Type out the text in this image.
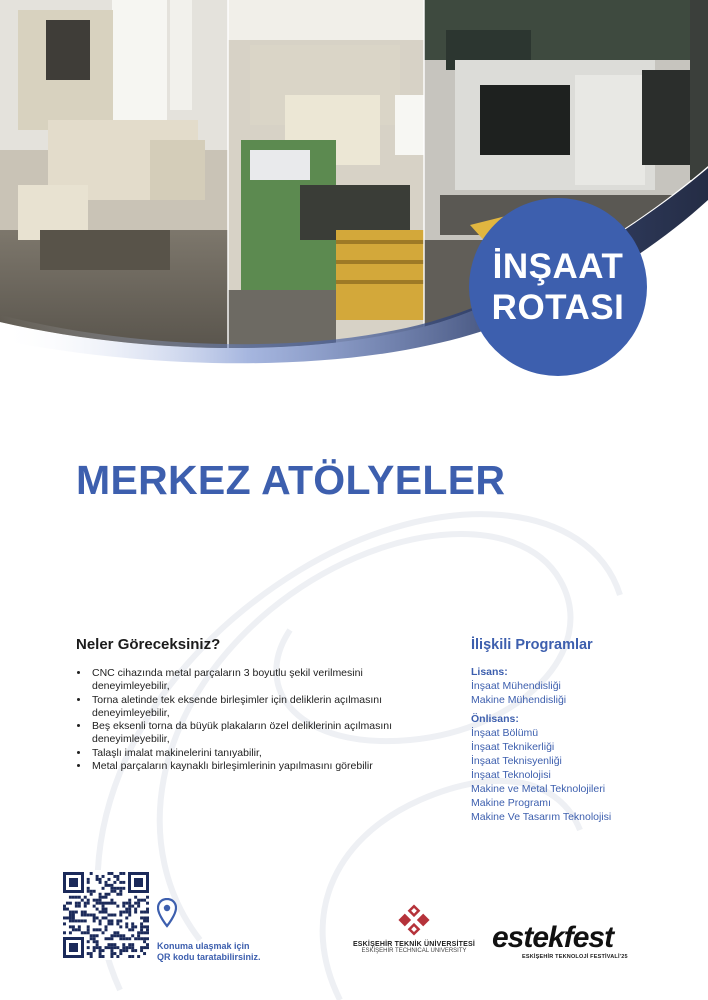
İNŞAAT
ROTASI
MERKEZ ATÖLYELER
Neler Göreceksiniz?
• CNC cihazında metal parçaların 3 boyutlu şekil verilmesini deneyimleyebilir,
• Torna aletinde tek eksende birleşimler için deliklerin açılmasını deneyimleyebilir,
• Beş eksenli torna da büyük plakaların özel deliklerinin açılmasını deneyimleyebilir,
• Talaşlı imalat makinelerini tanıyabilir,
• Metal parçaların kaynaklı birleşimlerinin yapılmasını görebilir
İlişkili Programlar
Lisans:
İnşaat Mühendisliği
Makine Mühendisliği
Önlisans:
İnşaat Bölümü
İnşaat Teknikerliği
İnşaat Teknisyenliği
İnşaat Teknolojisi
Makine ve Metal Teknolojileri
Makine Programı
Makine Ve Tasarım Teknolojisi
Konuma ulaşmak için
QR kodu taratabilirsiniz.
ESKİŞEHİR TEKNİK ÜNİVERSİTESİ
ESKİŞEHİR TECHNICAL UNIVERSITY estekfest
ESKİŞEHİR TEKNOLOJİ FESTİVALİ'25
